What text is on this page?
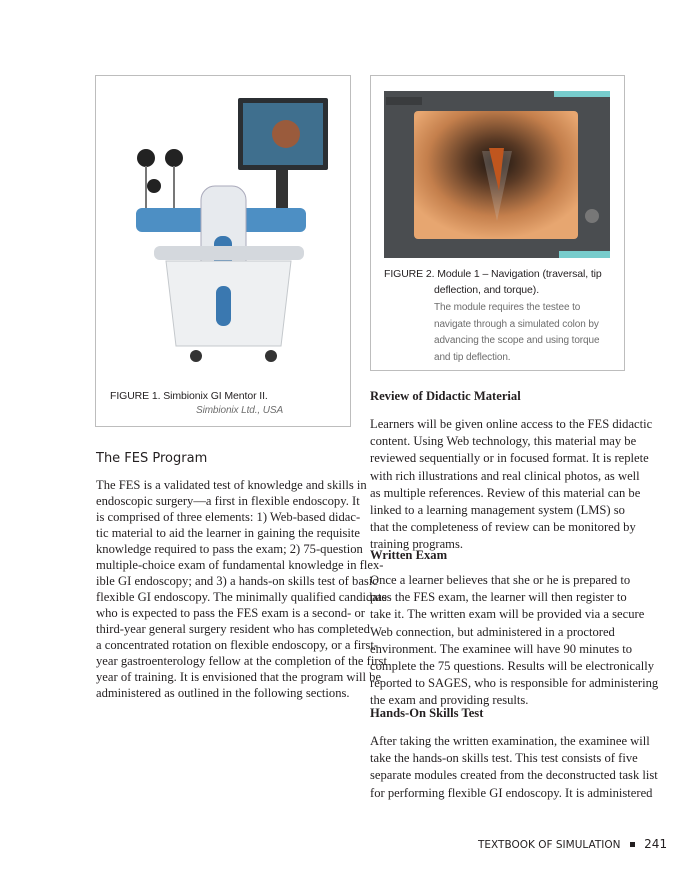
FIGURE 1. Simbionix GI Mentor II.
Simbionix Ltd., USA
FIGURE 2. Module 1 – Navigation (traversal, tip
deflection, and torque).
The module requires the testee to
navigate through a simulated colon by
advancing the scope and using torque
and tip deflection.
The FES Program
The FES is a validated test of knowledge and skills in
endoscopic surgery—a first in flexible endoscopy. It
is comprised of three elements: 1) Web-based didac-
tic material to aid the learner in gaining the requisite
knowledge required to pass the exam; 2) 75-question
multiple-choice exam of fundamental knowledge in flex-
ible GI endoscopy; and 3) a hands-on skills test of basic
flexible GI endoscopy. The minimally qualified candidate
who is expected to pass the FES exam is a second- or
third-year general surgery resident who has completed
a concentrated rotation on flexible endoscopy, or a first-
year gastroenterology fellow at the completion of the first
year of training. It is envisioned that the program will be
administered as outlined in the following sections.
Review of Didactic Material
Learners will be given online access to the FES didactic
content. Using Web technology, this material may be
reviewed sequentially or in focused format. It is replete
with rich illustrations and real clinical photos, as well
as multiple references. Review of this material can be
linked to a learning management system (LMS) so
that the completeness of review can be monitored by
training programs.
Written Exam
Once a learner believes that she or he is prepared to
pass the FES exam, the learner will then register to
take it. The written exam will be provided via a secure
Web connection, but administered in a proctored
environment. The examinee will have 90 minutes to
complete the 75 questions. Results will be electronically
reported to SAGES, who is responsible for administering
the exam and providing results.
Hands-On Skills Test
After taking the written examination, the examinee will
take the hands-on skills test. This test consists of five
separate modules created from the deconstructed task list
for performing flexible GI endoscopy. It is administered
TEXTBOOK OF SIMULATION 241
